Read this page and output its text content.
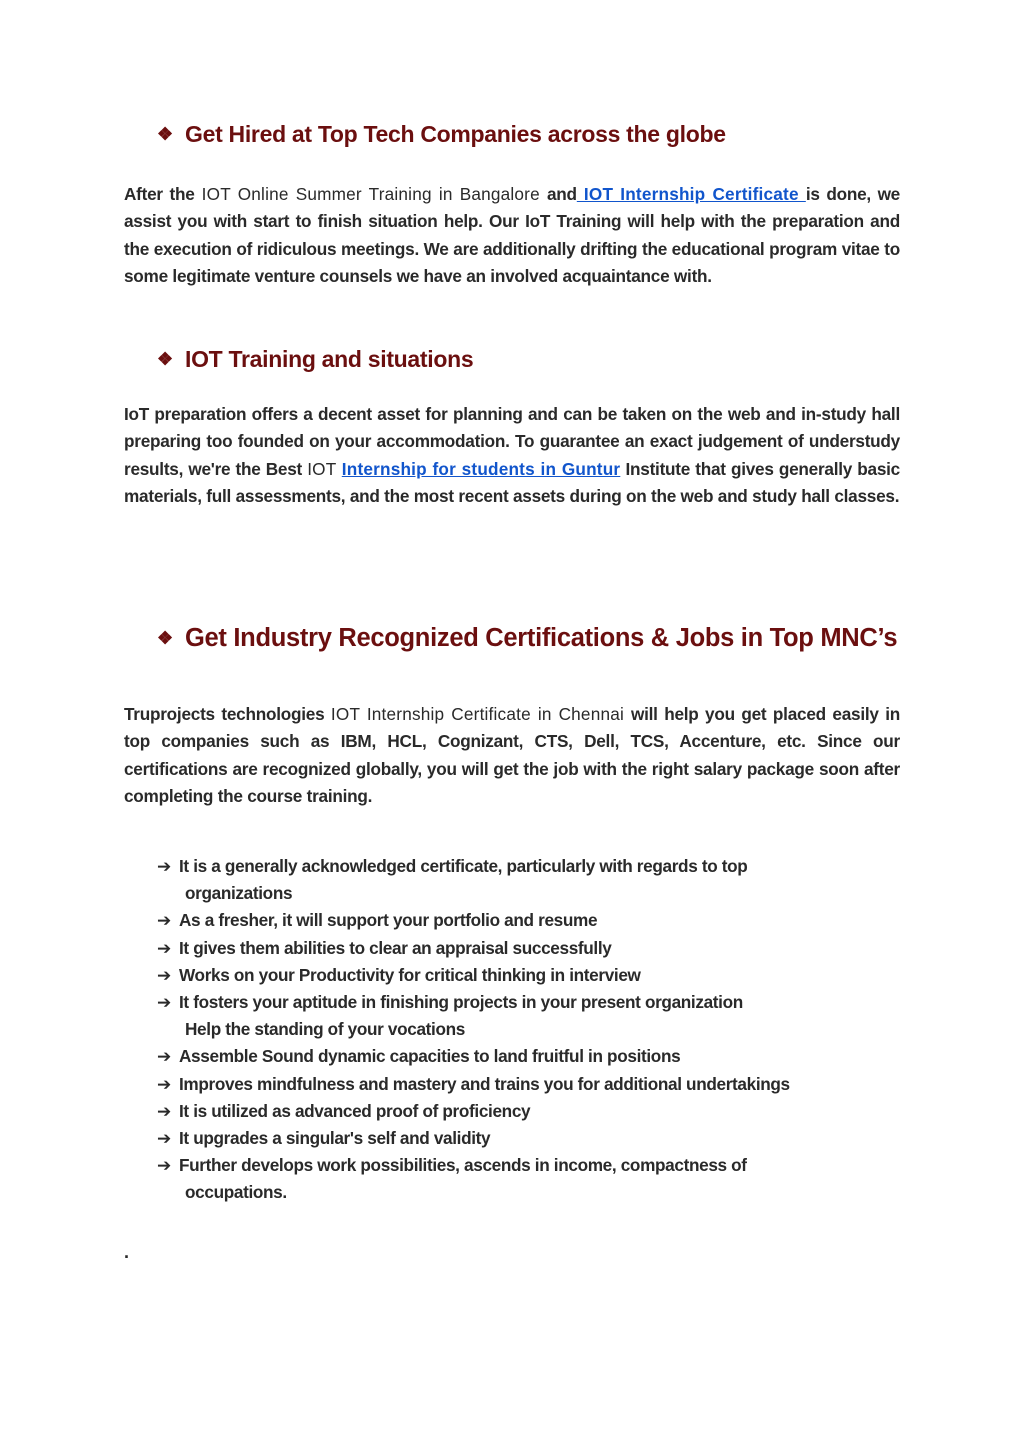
❖ Get Hired at Top Tech Companies across the globe
After the IOT Online Summer Training in Bangalore and IOT Internship Certificate is done, we assist you with start to finish situation help. Our IoT Training will help with the preparation and the execution of ridiculous meetings. We are additionally drifting the educational program vitae to some legitimate venture counsels we have an involved acquaintance with.
❖ IOT Training and situations
IoT preparation offers a decent asset for planning and can be taken on the web and in-study hall preparing too founded on your accommodation. To guarantee an exact judgement of understudy results, we're the Best IOT Internship for students in Guntur Institute that gives generally basic materials, full assessments, and the most recent assets during on the web and study hall classes.
❖ Get Industry Recognized Certifications & Jobs in Top MNC’s
Truprojects technologies IOT Internship Certificate in Chennai will help you get placed easily in top companies such as IBM, HCL, Cognizant, CTS, Dell, TCS, Accenture, etc. Since our certifications are recognized globally, you will get the job with the right salary package soon after completing the course training.
➔ It is a generally acknowledged certificate, particularly with regards to top
organizations
➔ As a fresher, it will support your portfolio and resume
➔ It gives them abilities to clear an appraisal successfully
➔ Works on your Productivity for critical thinking in interview
➔ It fosters your aptitude in finishing projects in your present organization
Help the standing of your vocations
➔ Assemble Sound dynamic capacities to land fruitful in positions
➔ Improves mindfulness and mastery and trains you for additional undertakings
➔ It is utilized as advanced proof of proficiency
➔ It upgrades a singular's self and validity
➔ Further develops work possibilities, ascends in income, compactness of
occupations.
.
